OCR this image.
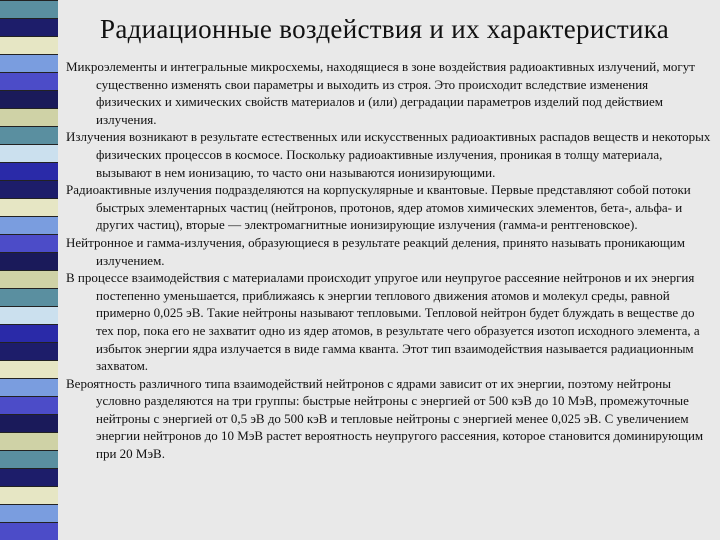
Радиационные воздействия и их характеристика

Микроэлементы и интегральные микросхемы, находящиеся в зоне воздействия радиоактивных излучений, могут существенно изменять свои параметры и выходить из строя. Это происходит вследствие изменения физических и химических свойств материалов и (или) деградации параметров изделий под действием излучения.

Излучения возникают в результате естественных или искусственных радиоактивных распадов веществ и некоторых физических процессов в космосе. Поскольку радиоактивные излучения, проникая в толщу материала, вызывают в нем ионизацию, то часто они называются ионизирующими.

Радиоактивные излучения подразделяются на корпускулярные и квантовые. Первые представляют собой потоки быстрых элементарных частиц (нейтронов, протонов, ядер атомов химических элементов, бета-, альфа- и других частиц), вторые — электромагнитные ионизирующие излучения (гамма-и рентгеновское).

Нейтронное и гамма-излучения, образующиеся в результате реакций деления, принято называть проникающим излучением.

В процессе взаимодействия с материалами происходит упругое или неупругое рассеяние нейтронов и их энергия постепенно уменьшается, приближаясь к энергии теплового движения атомов и молекул среды, равной примерно 0,025 эВ. Такие нейтроны называют тепловыми. Тепловой нейтрон будет блуждать в веществе до тех пор, пока его не захватит одно из ядер атомов, в результате чего образуется изотоп исходного элемента, а избыток энергии ядра излучается в виде гамма кванта. Этот тип взаимодействия называется радиационным захватом.

Вероятность различного типа взаимодействий нейтронов с ядрами зависит от их энергии, поэтому нейтроны условно разделяются на три группы: быстрые нейтроны с энергией от 500 кэВ до 10 МэВ, промежуточные нейтроны с энергией от 0,5 эВ до 500 кэВ и тепловые нейтроны с энергией менее 0,025 эВ. С увеличением энергии нейтронов до 10 МэВ растет вероятность неупругого рассеяния, которое становится доминирующим при 20 МэВ.
